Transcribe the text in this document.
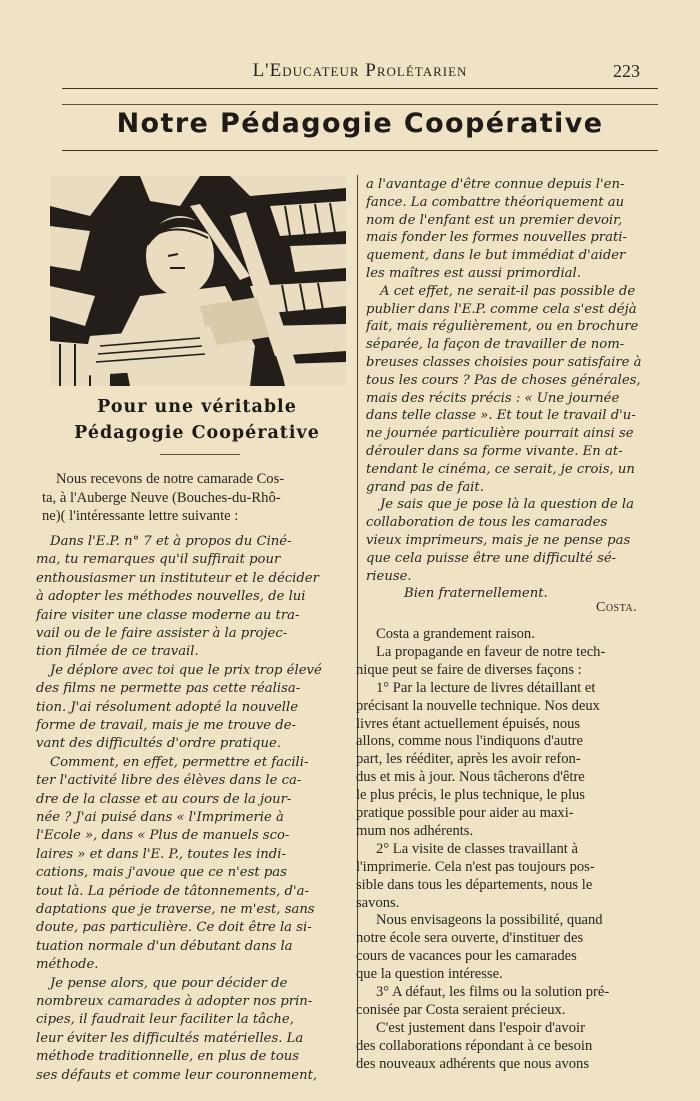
L'Educateur Prolétarien	223
Notre Pédagogie Coopérative
Pour une véritable
Pédagogie Coopérative
Nous recevons de notre camarade Cos-
ta, à l'Auberge Neuve (Bouches-du-Rhô-
ne)( l'intéressante lettre suivante :
Dans l'E.P. n° 7 et à propos du Ciné-
ma, tu remarques qu'il suffirait pour
enthousiasmer un instituteur et le décider
à adopter les méthodes nouvelles, de lui
faire visiter une classe moderne au tra-
vail ou de le faire assister à la projec-
tion filmée de ce travail.
Je déplore avec toi que le prix trop élevé
des films ne permette pas cette réalisa-
tion. J'ai résolument adopté la nouvelle
forme de travail, mais je me trouve de-
vant des difficultés d'ordre pratique.
Comment, en effet, permettre et facili-
ter l'activité libre des élèves dans le ca-
dre de la classe et au cours de la jour-
née ? J'ai puisé dans « l'Imprimerie à
l'Ecole », dans « Plus de manuels sco-
laires » et dans l'E. P., toutes les indi-
cations, mais j'avoue que ce n'est pas
tout là. La période de tâtonnements, d'a-
daptations que je traverse, ne m'est, sans
doute, pas particulière. Ce doit être la si-
tuation normale d'un débutant dans la
méthode.
Je pense alors, que pour décider de
nombreux camarades à adopter nos prin-
cipes, il faudrait leur faciliter la tâche,
leur éviter les difficultés matérielles. La
méthode traditionnelle, en plus de tous
ses défauts et comme leur couronnement,
a l'avantage d'être connue depuis l'en-
fance. La combattre théoriquement au
nom de l'enfant est un premier devoir,
mais fonder les formes nouvelles prati-
quement, dans le but immédiat d'aider
les maîtres est aussi primordial.
A cet effet, ne serait-il pas possible de
publier dans l'E.P. comme cela s'est déjà
fait, mais régulièrement, ou en brochure
séparée, la façon de travailler de nom-
breuses classes choisies pour satisfaire à
tous les cours ? Pas de choses générales,
mais des récits précis : « Une journée
dans telle classe ». Et tout le travail d'u-
ne journée particulière pourrait ainsi se
dérouler dans sa forme vivante. En at-
tendant le cinéma, ce serait, je crois, un
grand pas de fait.
Je sais que je pose là la question de la
collaboration de tous les camarades
vieux imprimeurs, mais je ne pense pas
que cela puisse être une difficulté sé-
rieuse.
Bien fraternellement.
Costa.
Costa a grandement raison.
La propagande en faveur de notre tech-
nique peut se faire de diverses façons :
1° Par la lecture de livres détaillant et
précisant la nouvelle technique. Nos deux
livres étant actuellement épuisés, nous
allons, comme nous l'indiquons d'autre
part, les rééditer, après les avoir refon-
dus et mis à jour. Nous tâcherons d'être
le plus précis, le plus technique, le plus
pratique possible pour aider au maxi-
mum nos adhérents.
2° La visite de classes travaillant à
l'imprimerie. Cela n'est pas toujours pos-
sible dans tous les départements, nous le
savons.
Nous envisageons la possibilité, quand
notre école sera ouverte, d'instituer des
cours de vacances pour les camarades
que la question intéresse.
3° A défaut, les films ou la solution pré-
conisée par Costa seraient précieux.
C'est justement dans l'espoir d'avoir
des collaborations répondant à ce besoin
des nouveaux adhérents que nous avons
